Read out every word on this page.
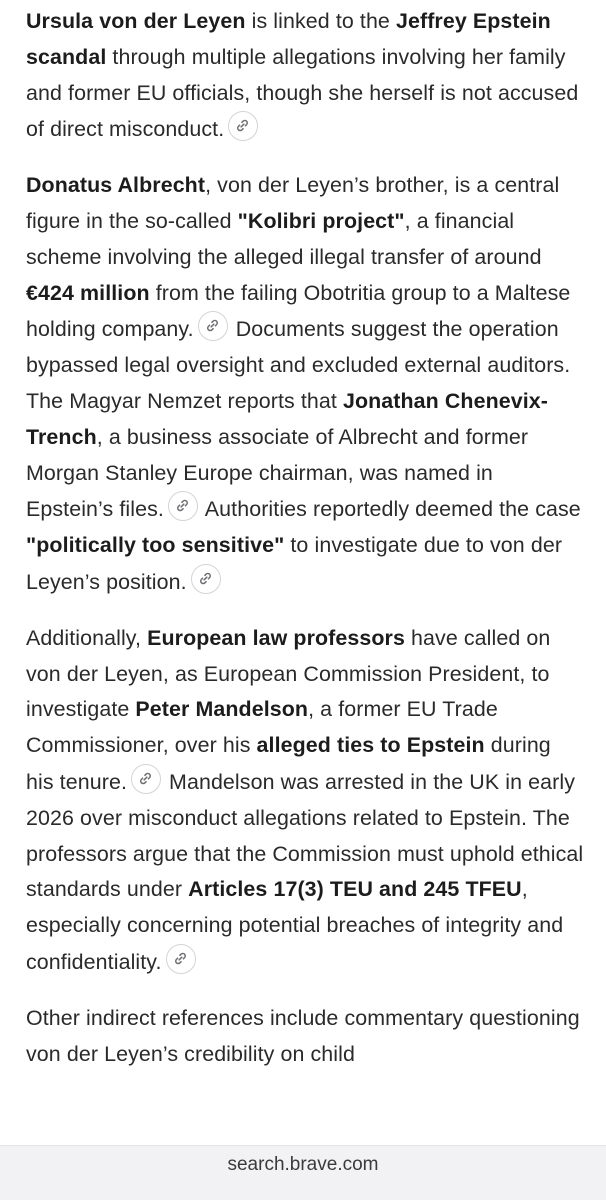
Ursula von der Leyen is linked to the Jeffrey Epstein scandal through multiple allegations involving her family and former EU officials, though she herself is not accused of direct misconduct.

Donatus Albrecht, von der Leyen’s brother, is a central figure in the so-called "Kolibri project", a financial scheme involving the alleged illegal transfer of around €424 million from the failing Obotritia group to a Maltese holding company.
Documents suggest the operation bypassed legal oversight and excluded external auditors. The Magyar Nemzet reports that Jonathan Chenevix-Trench, a business associate of Albrecht and former Morgan Stanley Europe chairman, was named in Epstein’s files.
Authorities reportedly deemed the case "politically too sensitive" to investigate due to von der Leyen’s position.

Additionally, European law professors have called on von der Leyen, as European Commission President, to investigate Peter Mandelson, a former EU Trade Commissioner, over his alleged ties to Epstein during his tenure.
Mandelson was arrested in the UK in early 2026 over misconduct allegations related to Epstein. The professors argue that the Commission must uphold ethical standards under Articles 17(3) TEU and 245 TFEU, especially concerning potential breaches of integrity and confidentiality.

Other indirect references include commentary questioning von der Leyen’s credibility on child

search.brave.com
